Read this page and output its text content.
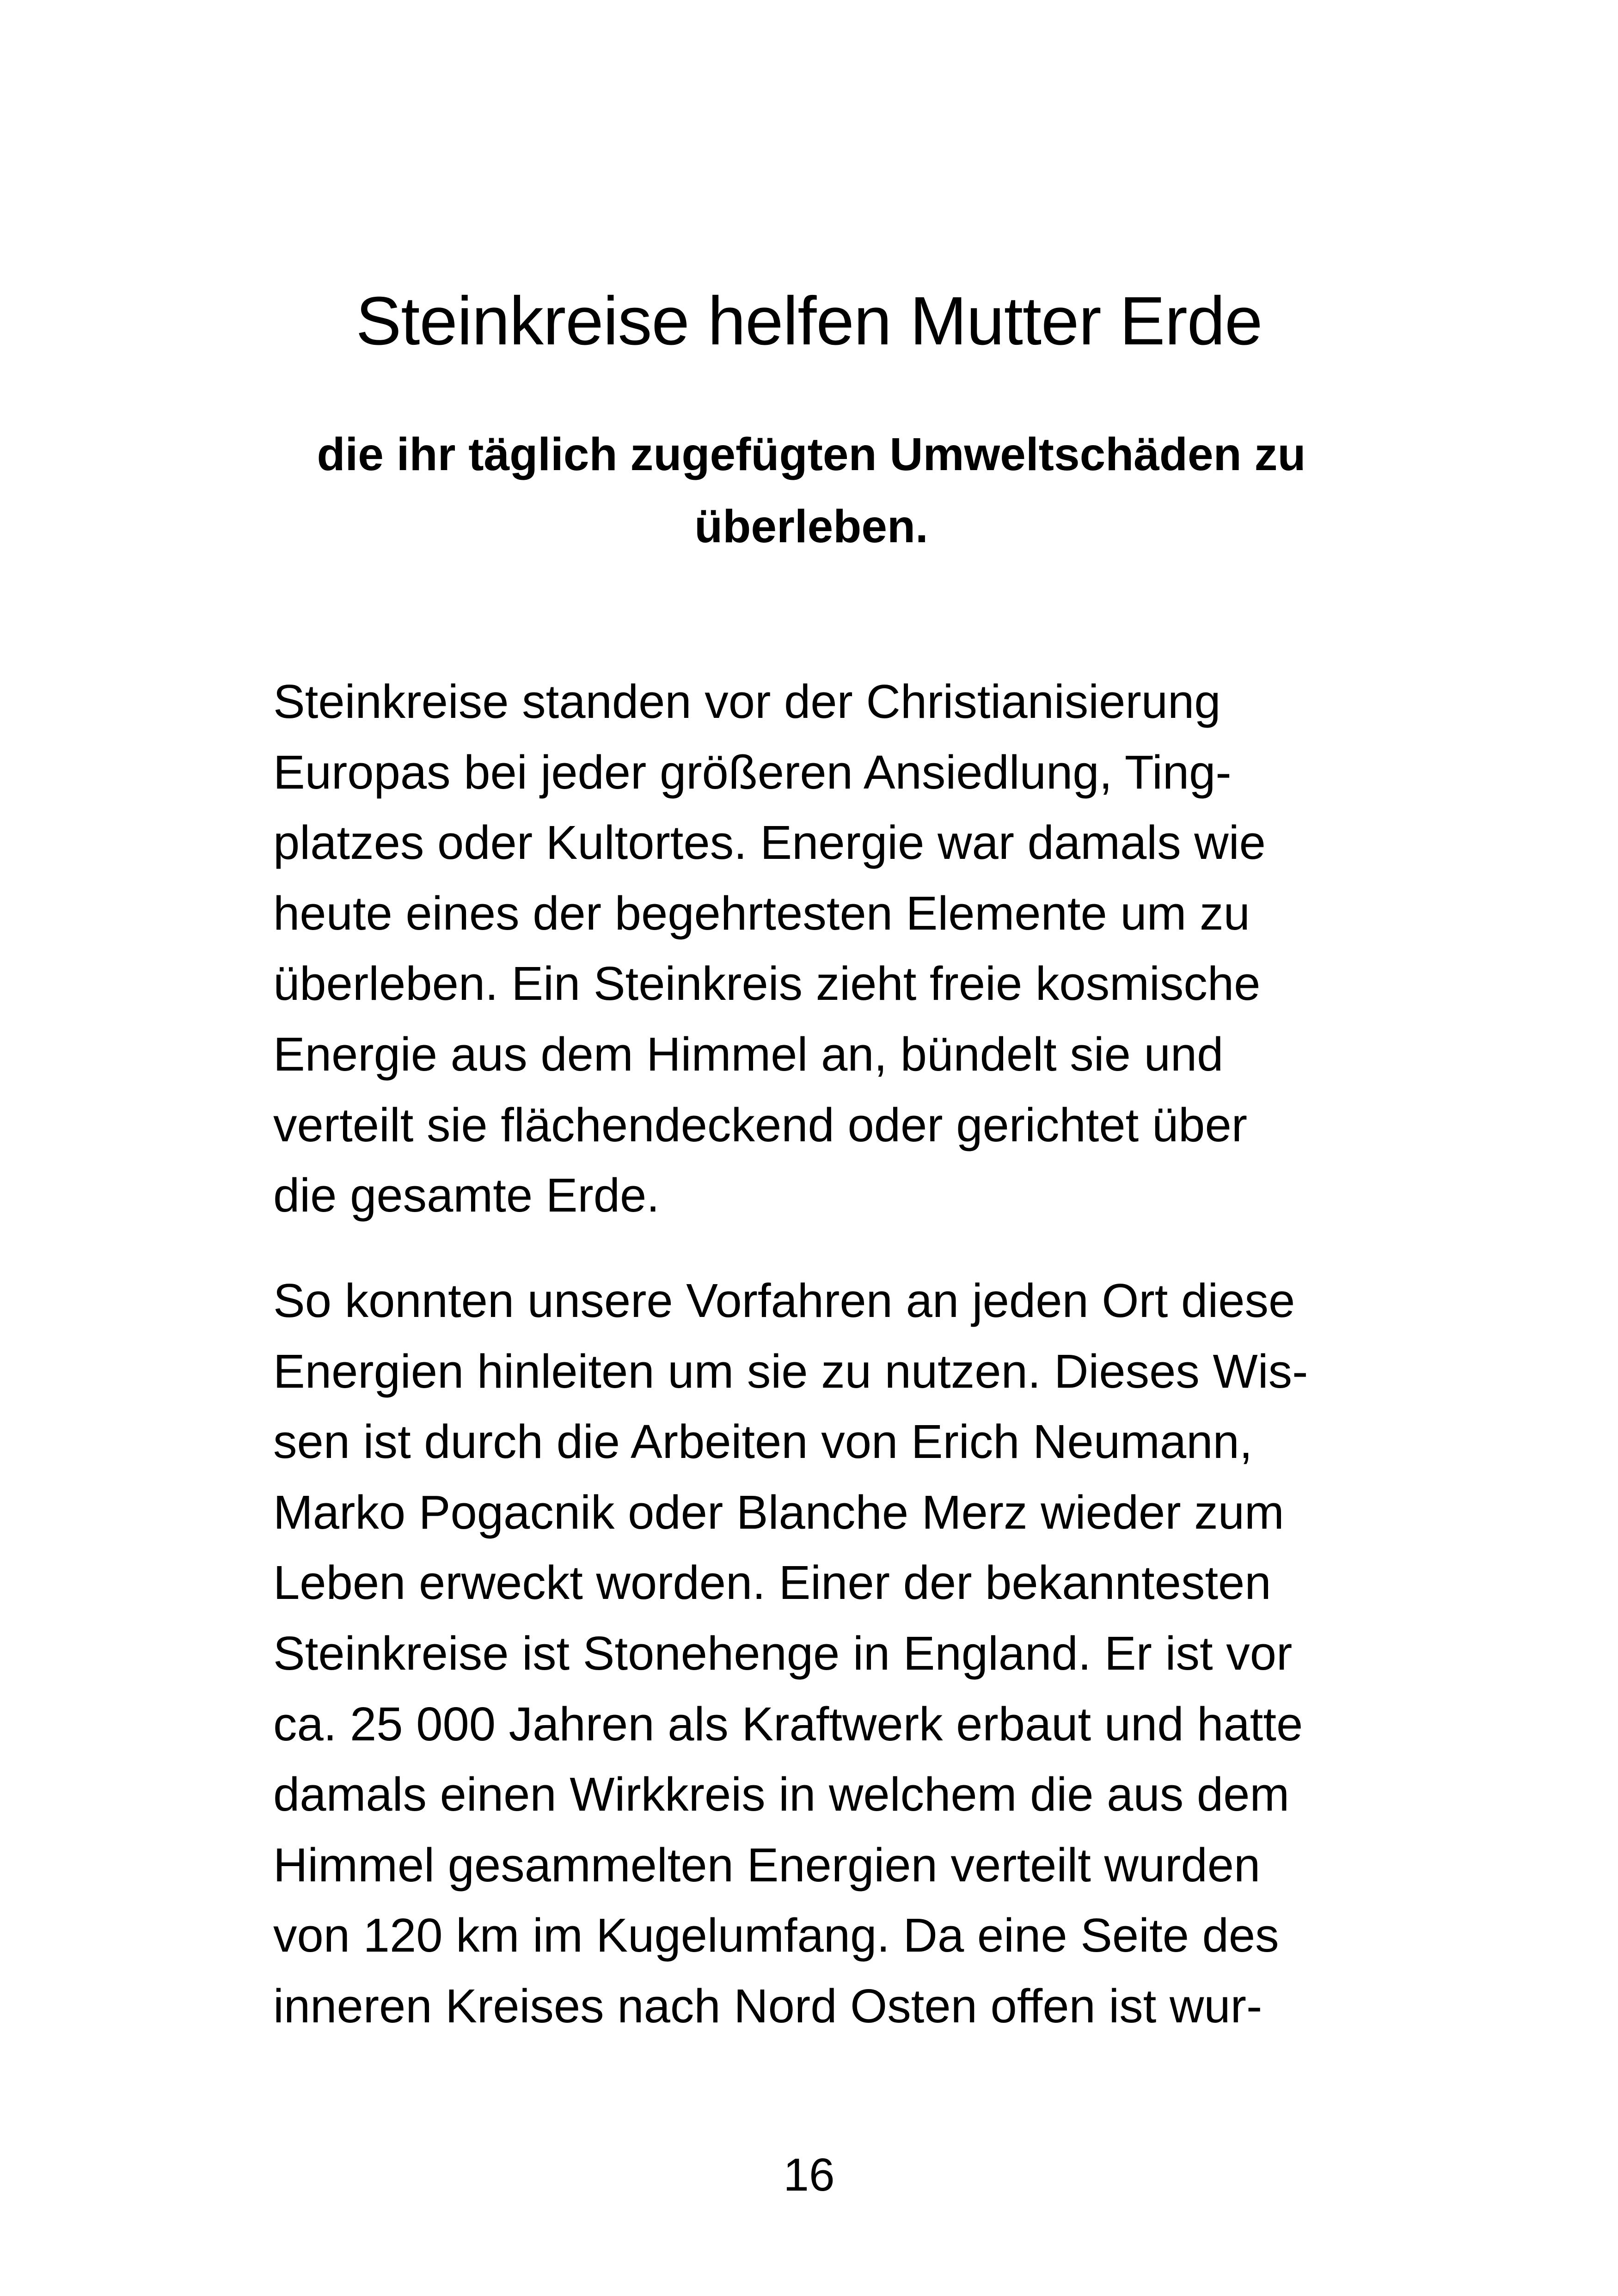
Steinkreise helfen Mutter Erde
die ihr täglich zugefügten Umweltschäden zu überleben.
Steinkreise standen vor der Christianisierung
Europas bei jeder größeren Ansiedlung, Ting-
platzes oder Kultortes. Energie war damals wie
heute eines der begehrtesten Elemente um zu
überleben. Ein Steinkreis zieht freie kosmische
Energie aus dem Himmel an, bündelt sie und
verteilt sie flächendeckend oder gerichtet über
die gesamte Erde.
So konnten unsere Vorfahren an jeden Ort diese
Energien hinleiten um sie zu nutzen. Dieses Wis-
sen ist durch die Arbeiten von Erich Neumann,
Marko Pogacnik oder Blanche Merz wieder zum
Leben erweckt worden. Einer der bekanntesten
Steinkreise ist Stonehenge in England. Er ist vor
ca. 25 000 Jahren als Kraftwerk erbaut und hatte
damals einen Wirkkreis in welchem die aus dem
Himmel gesammelten Energien verteilt wurden
von 120 km im Kugelumfang. Da eine Seite des
inneren Kreises nach Nord Osten offen ist wur-
16
